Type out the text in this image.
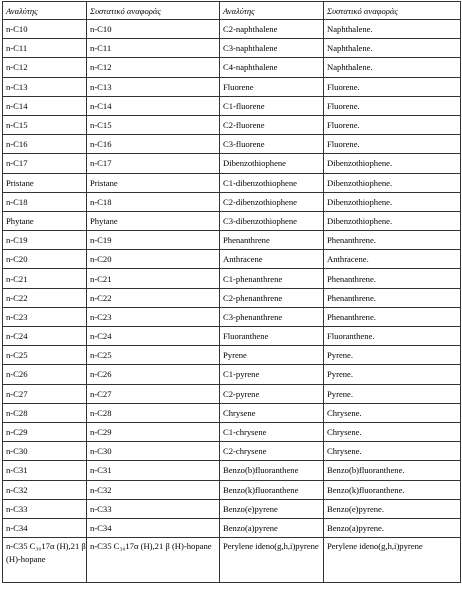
Αναλύτης	Συστατικό αναφοράς	Αναλύτης	Συστατικό αναφοράς
n-C10	n-C10	C2-naphthalene	Naphthalene.
n-C11	n-C11	C3-naphthalene	Naphthalene.
n-C12	n-C12	C4-naphthalene	Naphthalene.
n-C13	n-C13	Fluorene	Fluorene.
n-C14	n-C14	C1-fluorene	Fluorene.
n-C15	n-C15	C2-fluorene	Fluorene.
n-C16	n-C16	C3-fluorene	Fluorene.
n-C17	n-C17	Dibenzothiophene	Dibenzothiophene.
Pristane	Pristane	C1-dibenzothiophene	Dibenzothiophene.
n-C18	n-C18	C2-dibenzothiophene	Dibenzothiophene.
Phytane	Phytane	C3-dibenzothiophene	Dibenzothiophene.
n-C19	n-C19	Phenanthrene	Phenanthrene.
n-C20	n-C20	Anthracene	Anthracene.
n-C21	n-C21	C1-phenanthrene	Phenanthrene.
n-C22	n-C22	C2-phenanthrene	Phenanthrene.
n-C23	n-C23	C3-phenanthrene	Phenanthrene.
n-C24	n-C24	Fluoranthene	Fluoranthene.
n-C25	n-C25	Pyrene	Pyrene.
n-C26	n-C26	C1-pyrene	Pyrene.
n-C27	n-C27	C2-pyrene	Pyrene.
n-C28	n-C28	Chrysene	Chrysene.
n-C29	n-C29	C1-chrysene	Chrysene.
n-C30	n-C30	C2-chrysene	Chrysene.
n-C31	n-C31	Benzo(b)fluoranthene	Benzo(b)fluoranthene.
n-C32	n-C32	Benzo(k)fluoranthene	Benzo(k)fluoranthene.
n-C33	n-C33	Benzo(e)pyrene	Benzo(e)pyrene.
n-C34	n-C34	Benzo(a)pyrene	Benzo(a)pyrene.
n-C35 C₃₀17α (H),21 β (H)-hopane	n-C35 C₃₀17α (H),21 β (H)-hopane	Perylene ideno(g,h,i)pyrene	Perylene ideno(g,h,i)pyrene
